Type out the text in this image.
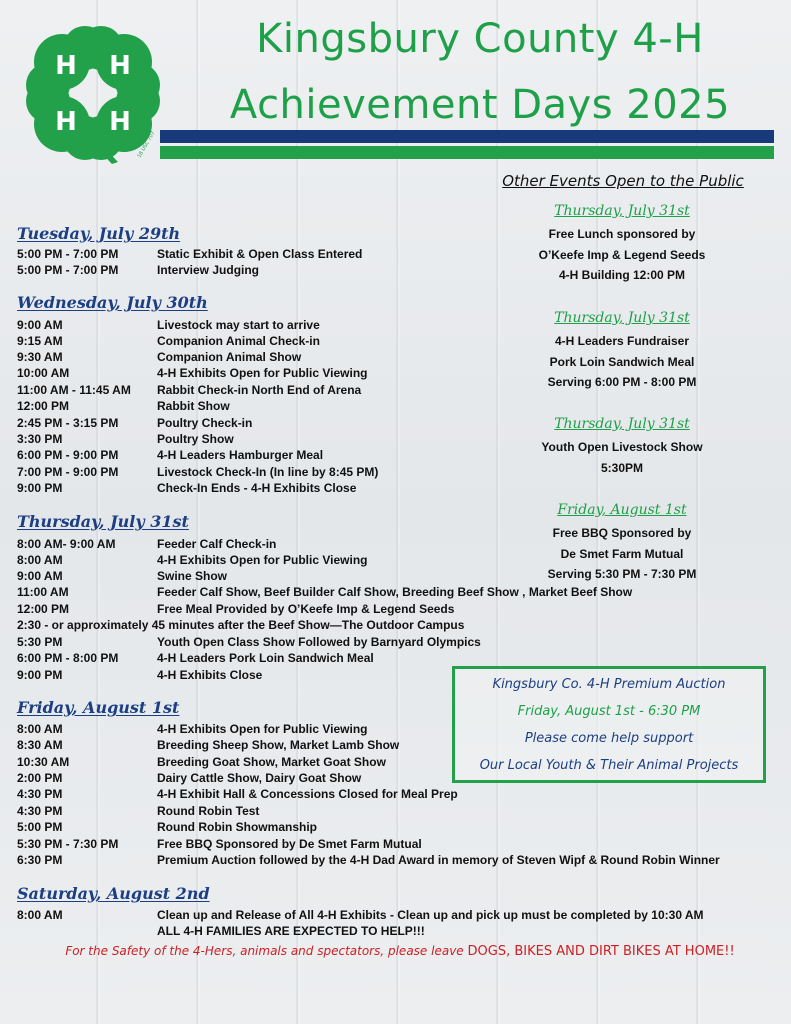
H H
H H
18 USC 707
Kingsbury County 4-H
Achievement Days 2025
Tuesday, July 29th
5:00 PM - 7:00 PM	Static Exhibit & Open Class Entered
5:00 PM - 7:00 PM	Interview Judging
Wednesday, July 30th
9:00 AM	Livestock may start to arrive
9:15 AM	Companion Animal Check-in
9:30 AM	Companion Animal Show
10:00 AM	4-H Exhibits Open for Public Viewing
11:00 AM - 11:45 AM Rabbit Check-in North End of Arena
12:00 PM	Rabbit Show
2:45 PM - 3:15 PM	Poultry Check-in
3:30 PM	Poultry Show
6:00 PM - 9:00 PM	4-H Leaders Hamburger Meal
7:00 PM - 9:00 PM	Livestock Check-In (In line by 8:45 PM)
9:00 PM	Check-In Ends - 4-H Exhibits Close
Thursday, July 31st
8:00 AM- 9:00 AM	Feeder Calf Check-in
8:00 AM	4-H Exhibits Open for Public Viewing
9:00 AM	Swine Show
11:00 AM	Feeder Calf Show, Beef Builder Calf Show, Breeding Beef Show , Market Beef Show
12:00 PM	Free Meal Provided by O’Keefe Imp & Legend Seeds
2:30 - or approximately 45 minutes after the Beef Show—The Outdoor Campus
5:30 PM	Youth Open Class Show Followed by Barnyard Olympics
6:00 PM - 8:00 PM	4-H Leaders Pork Loin Sandwich Meal
9:00 PM	4-H Exhibits Close
Friday, August 1st
8:00 AM	4-H Exhibits Open for Public Viewing
8:30 AM	Breeding Sheep Show, Market Lamb Show
10:30 AM	Breeding Goat Show, Market Goat Show
2:00 PM	Dairy Cattle Show, Dairy Goat Show
4:30 PM	4-H Exhibit Hall & Concessions Closed for Meal Prep
4:30 PM	Round Robin Test
5:00 PM	Round Robin Showmanship
5:30 PM - 7:30 PM	Free BBQ Sponsored by De Smet Farm Mutual
6:30 PM	Premium Auction followed by the 4-H Dad Award in memory of Steven Wipf & Round Robin Winner
Saturday, August 2nd
8:00 AM	Clean up and Release of All 4-H Exhibits - Clean up and pick up must be completed by 10:30 AM
ALL 4-H FAMILIES ARE EXPECTED TO HELP!!!
Other Events Open to the Public
Thursday, July 31st
Free Lunch sponsored by
O’Keefe Imp & Legend Seeds
4-H Building 12:00 PM
Thursday, July 31st
4-H Leaders Fundraiser
Pork Loin Sandwich Meal
Serving 6:00 PM - 8:00 PM
Thursday, July 31st
Youth Open Livestock Show
5:30PM
Friday, August 1st
Free BBQ Sponsored by
De Smet Farm Mutual
Serving 5:30 PM - 7:30 PM
Kingsbury Co. 4-H Premium Auction
Friday, August 1st - 6:30 PM
Please come help support
Our Local Youth & Their Animal Projects
For the Safety of the 4-Hers, animals and spectators, please leave DOGS, BIKES AND DIRT BIKES AT HOME!!
